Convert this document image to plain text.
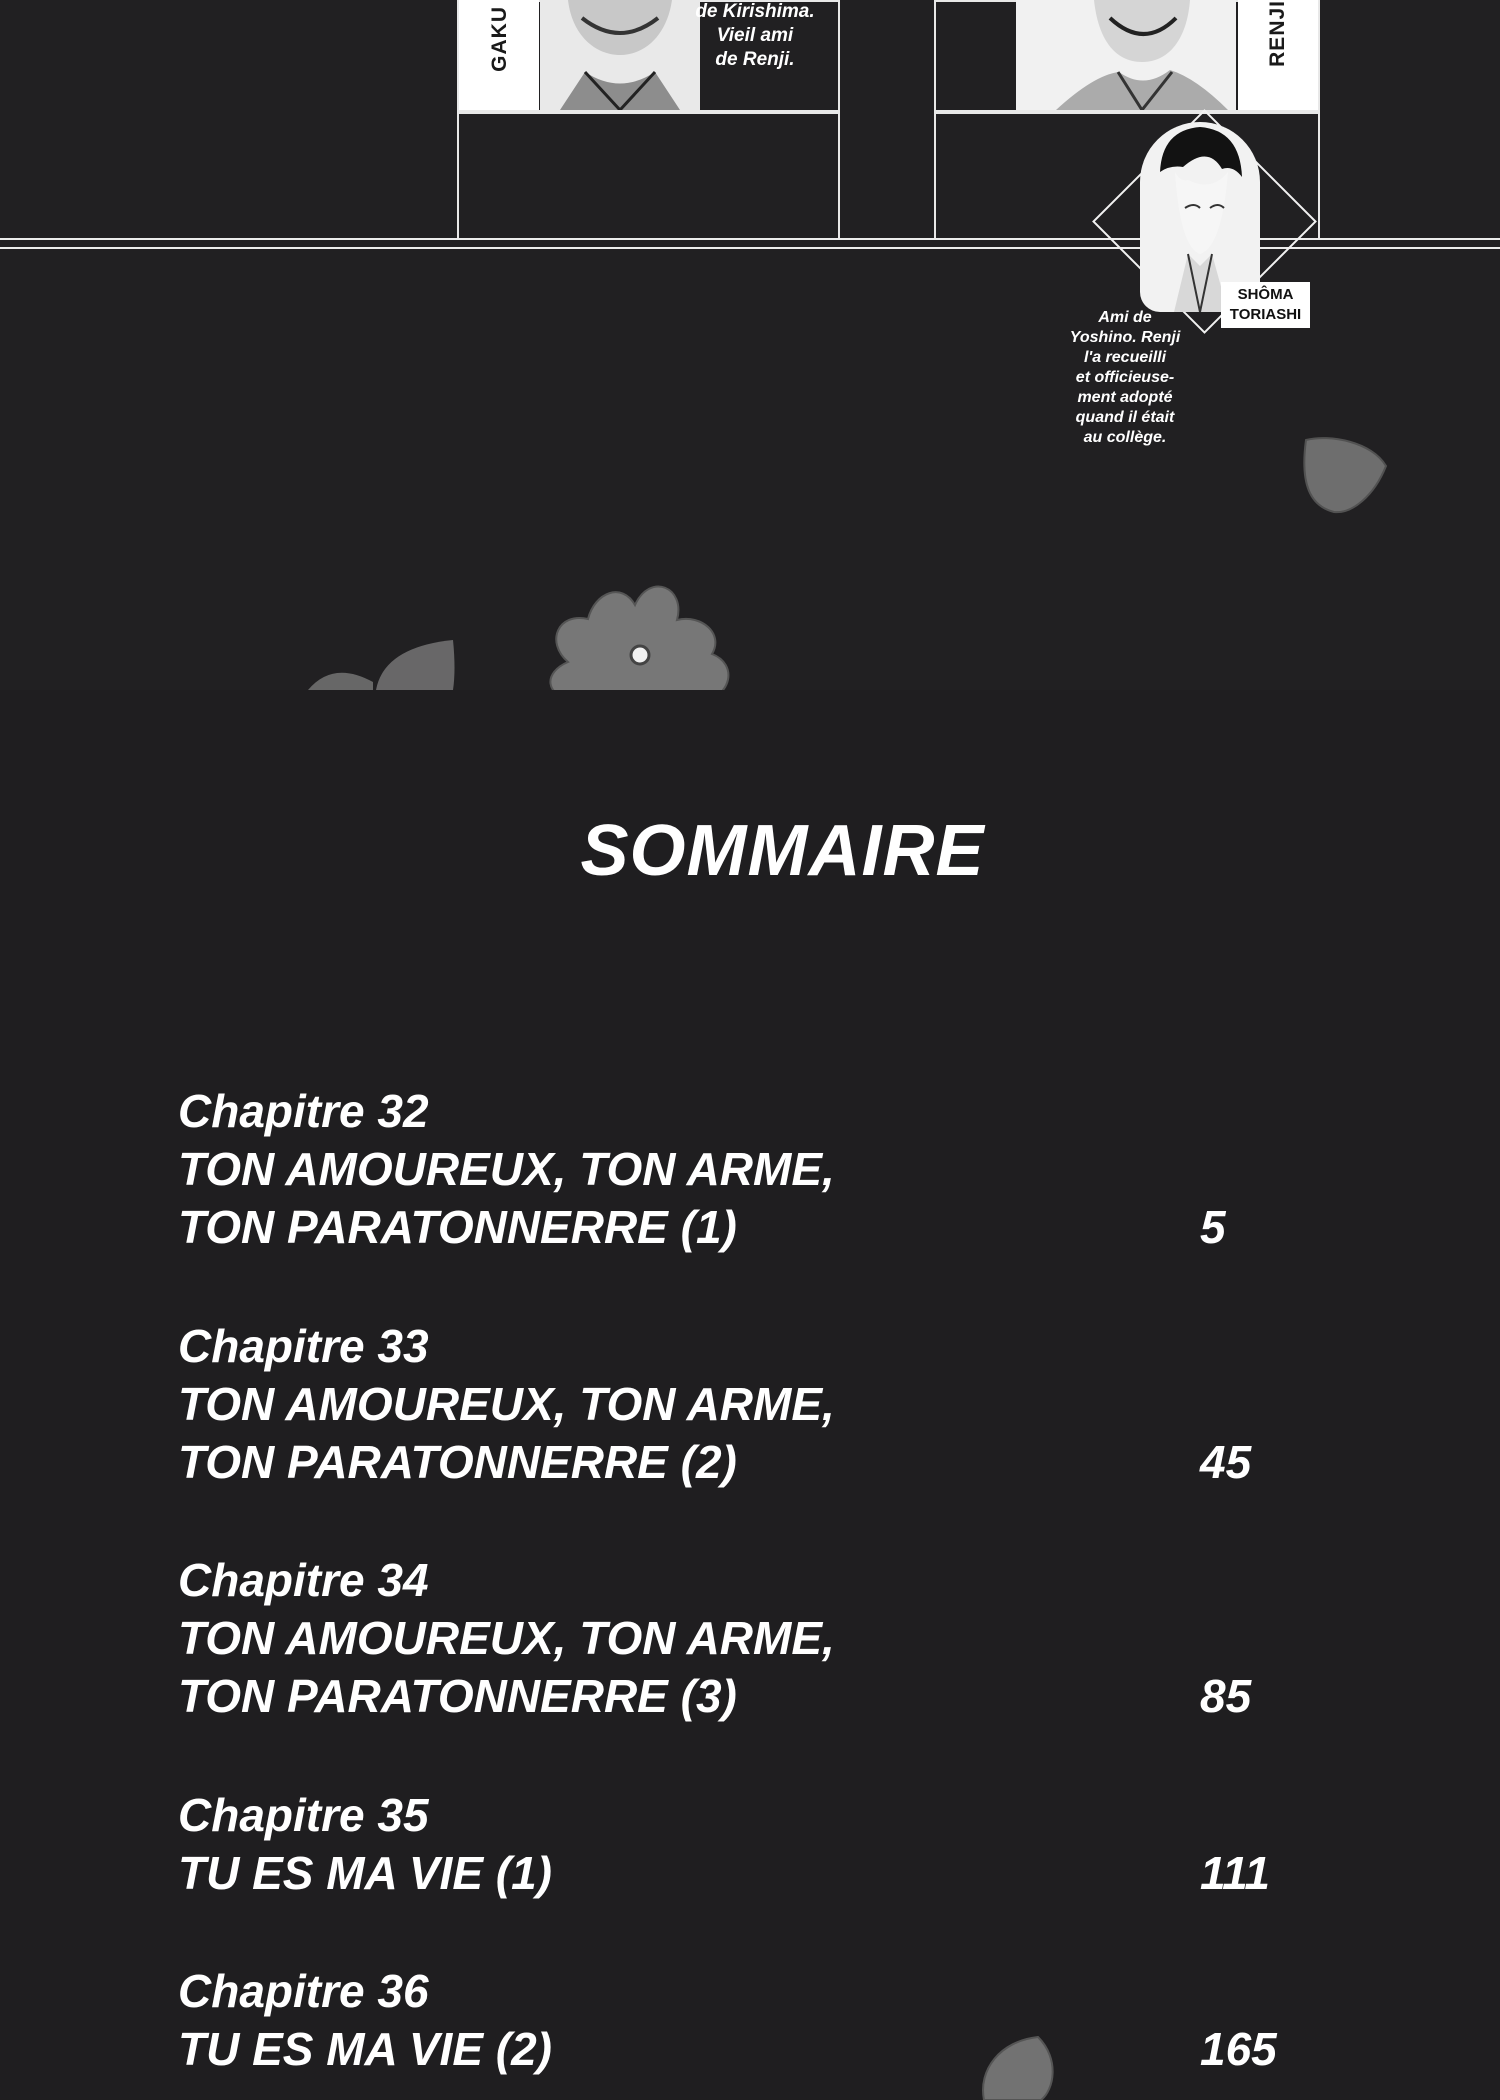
GAKU	de Kirishima.
Vieil ami
de Renji.	RENJI
SHÔMA
TORIASHI
Ami de
Yoshino. Renji
l'a recueilli
et officieuse-
ment adopté
quand il était
au collège.
SOMMAIRE
Chapitre 32
TON AMOUREUX, TON ARME,
TON PARATONNERRE (1)	5
Chapitre 33
TON AMOUREUX, TON ARME,
TON PARATONNERRE (2)	45
Chapitre 34
TON AMOUREUX, TON ARME,
TON PARATONNERRE (3)	85
Chapitre 35
TU ES MA VIE (1)	111
Chapitre 36
TU ES MA VIE (2)	165
